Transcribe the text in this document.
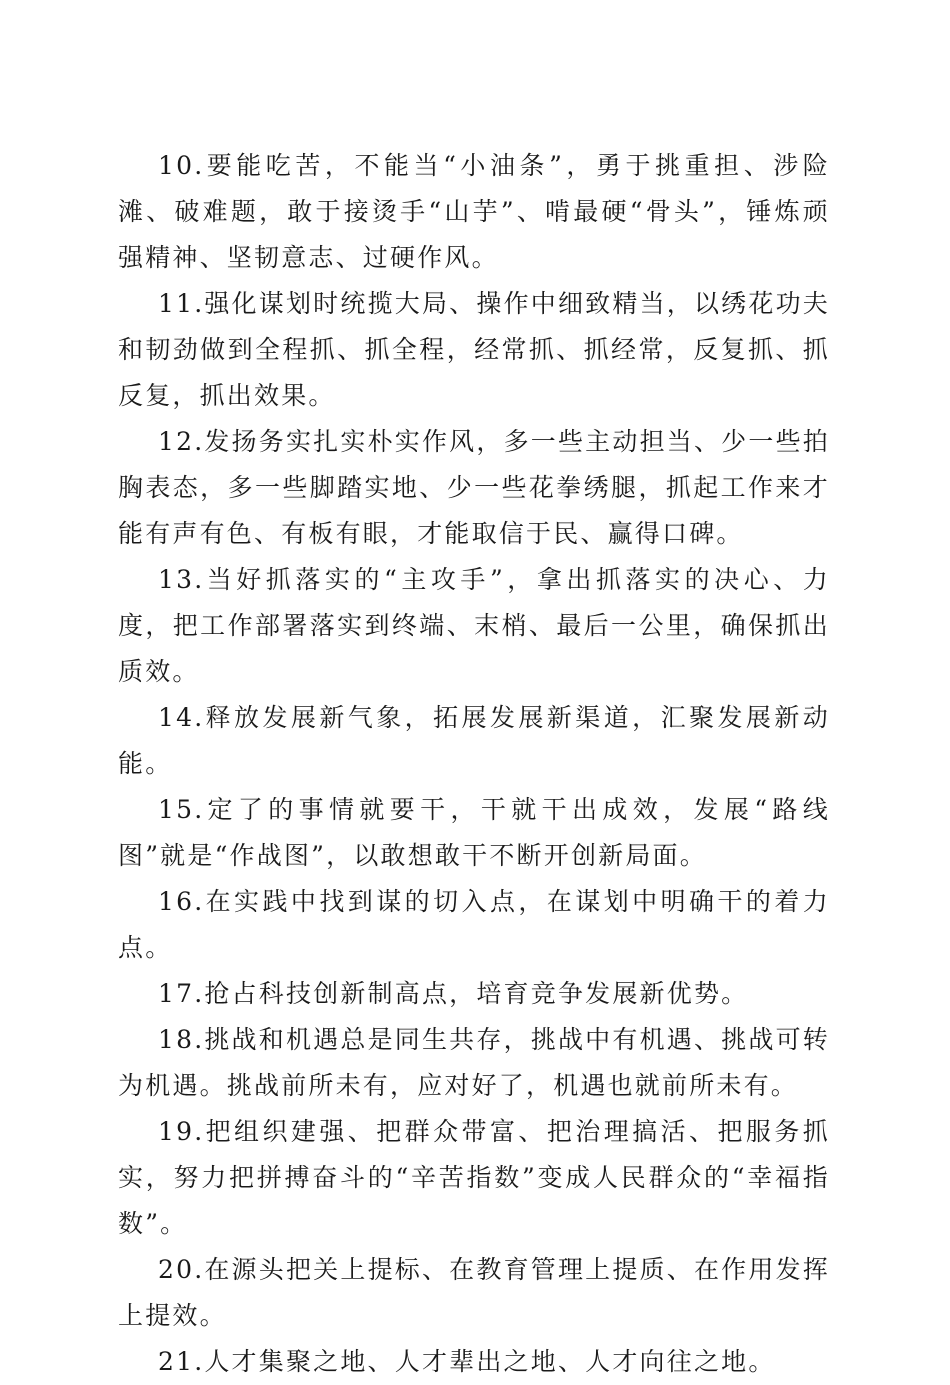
10.要能吃苦，不能当“小油条”，勇于挑重担、涉险滩、破难题，敢于接烫手“山芋”、啃最硬“骨头”，锤炼顽强精神、坚韧意志、过硬作风。

11.强化谋划时统揽大局、操作中细致精当，以绣花功夫和韧劲做到全程抓、抓全程，经常抓、抓经常，反复抓、抓反复，抓出效果。

12.发扬务实扎实朴实作风，多一些主动担当、少一些拍胸表态，多一些脚踏实地、少一些花拳绣腿，抓起工作来才能有声有色、有板有眼，才能取信于民、赢得口碑。

13.当好抓落实的“主攻手”，拿出抓落实的决心、力度，把工作部署落实到终端、末梢、最后一公里，确保抓出质效。

14.释放发展新气象，拓展发展新渠道，汇聚发展新动能。

15.定了的事情就要干，干就干出成效，发展“路线图”就是“作战图”，以敢想敢干不断开创新局面。

16.在实践中找到谋的切入点，在谋划中明确干的着力点。

17.抢占科技创新制高点，培育竞争发展新优势。

18.挑战和机遇总是同生共存，挑战中有机遇、挑战可转为机遇。挑战前所未有，应对好了，机遇也就前所未有。

19.把组织建强、把群众带富、把治理搞活、把服务抓实，努力把拼搏奋斗的“辛苦指数”变成人民群众的“幸福指数”。

20.在源头把关上提标、在教育管理上提质、在作用发挥上提效。

21.人才集聚之地、人才辈出之地、人才向往之地。
